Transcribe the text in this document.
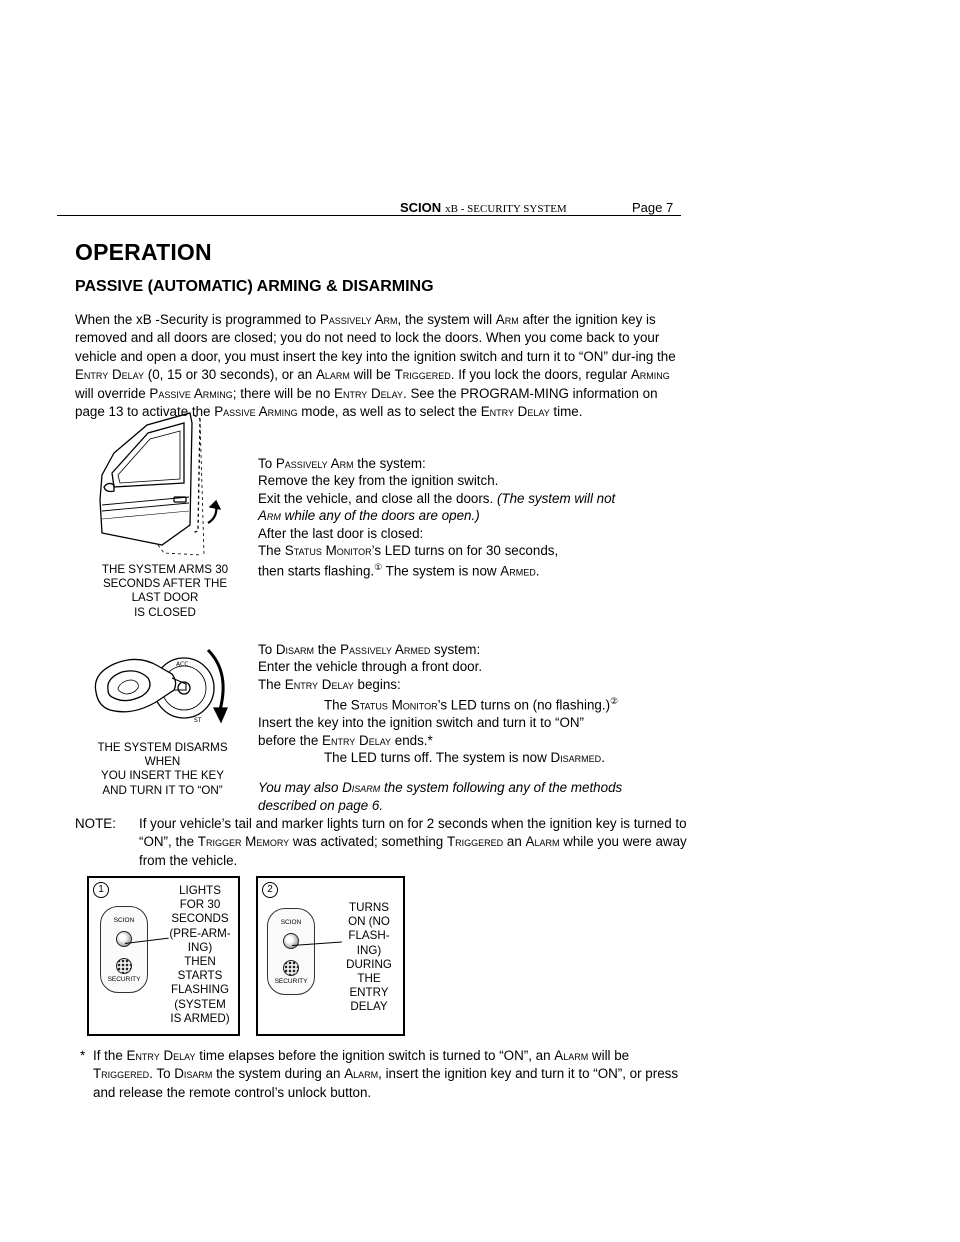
SCION xB - SECURITY SYSTEM	Page 7
OPERATION
PASSIVE (AUTOMATIC) ARMING & DISARMING
When the xB -Security is programmed to Passively Arm, the system will Arm after the ignition key is removed and all doors are closed; you do not need to lock the doors. When you come back to your vehicle and open a door, you must insert the key into the ignition switch and turn it to “ON” dur-ing the Entry Delay (0, 15 or 30 seconds), or an Alarm will be Triggered. If you lock the doors, regular Arming will override Passive Arming; there will be no Entry Delay. See the PROGRAM-MING information on page 13 to activate the Passive Arming mode, as well as to select the Entry Delay time.
THE SYSTEM ARMS 30
SECONDS AFTER THE
LAST DOOR
IS CLOSED

To Passively Arm the system:

Remove the key from the ignition switch.

Exit the vehicle, and close all the doors. (The system will not

Arm while any of the doors are open.)

After the last door is closed:

The Status Monitor’s LED turns on for 30 seconds,

then starts flashing.① The system is now Armed.

ACC
ST
THE SYSTEM DISARMS
WHEN
YOU INSERT THE KEY
AND TURN IT TO “ON”

To Disarm the Passively Armed system:

Enter the vehicle through a front door.

The Entry Delay begins:

The Status Monitor’s LED turns on (no flashing.)②

Insert the key into the ignition switch and turn it to “ON”

before the Entry Delay ends.*

The LED turns off. The system is now Disarmed.

You may also Disarm the system following any of the methods

described on page 6.

NOTE: If your vehicle’s tail and marker lights turn on for 2 seconds when the ignition key is turned to “ON”, the Trigger Memory was activated; something Triggered an Alarm while you were away from the vehicle.
1
SCION
SECURITY
LIGHTS
FOR 30
SECONDS
(PRE-ARM-
ING)
THEN
STARTS
FLASHING
(SYSTEM
IS ARMED)
2
SCION
SECURITY
TURNS
ON (NO
FLASH-
ING)
DURING
THE
ENTRY
DELAY
* If the Entry Delay time elapses before the ignition switch is turned to “ON”, an Alarm will be Triggered. To Disarm the system during an Alarm, insert the ignition key and turn it to “ON”, or press and release the remote control’s unlock button.
